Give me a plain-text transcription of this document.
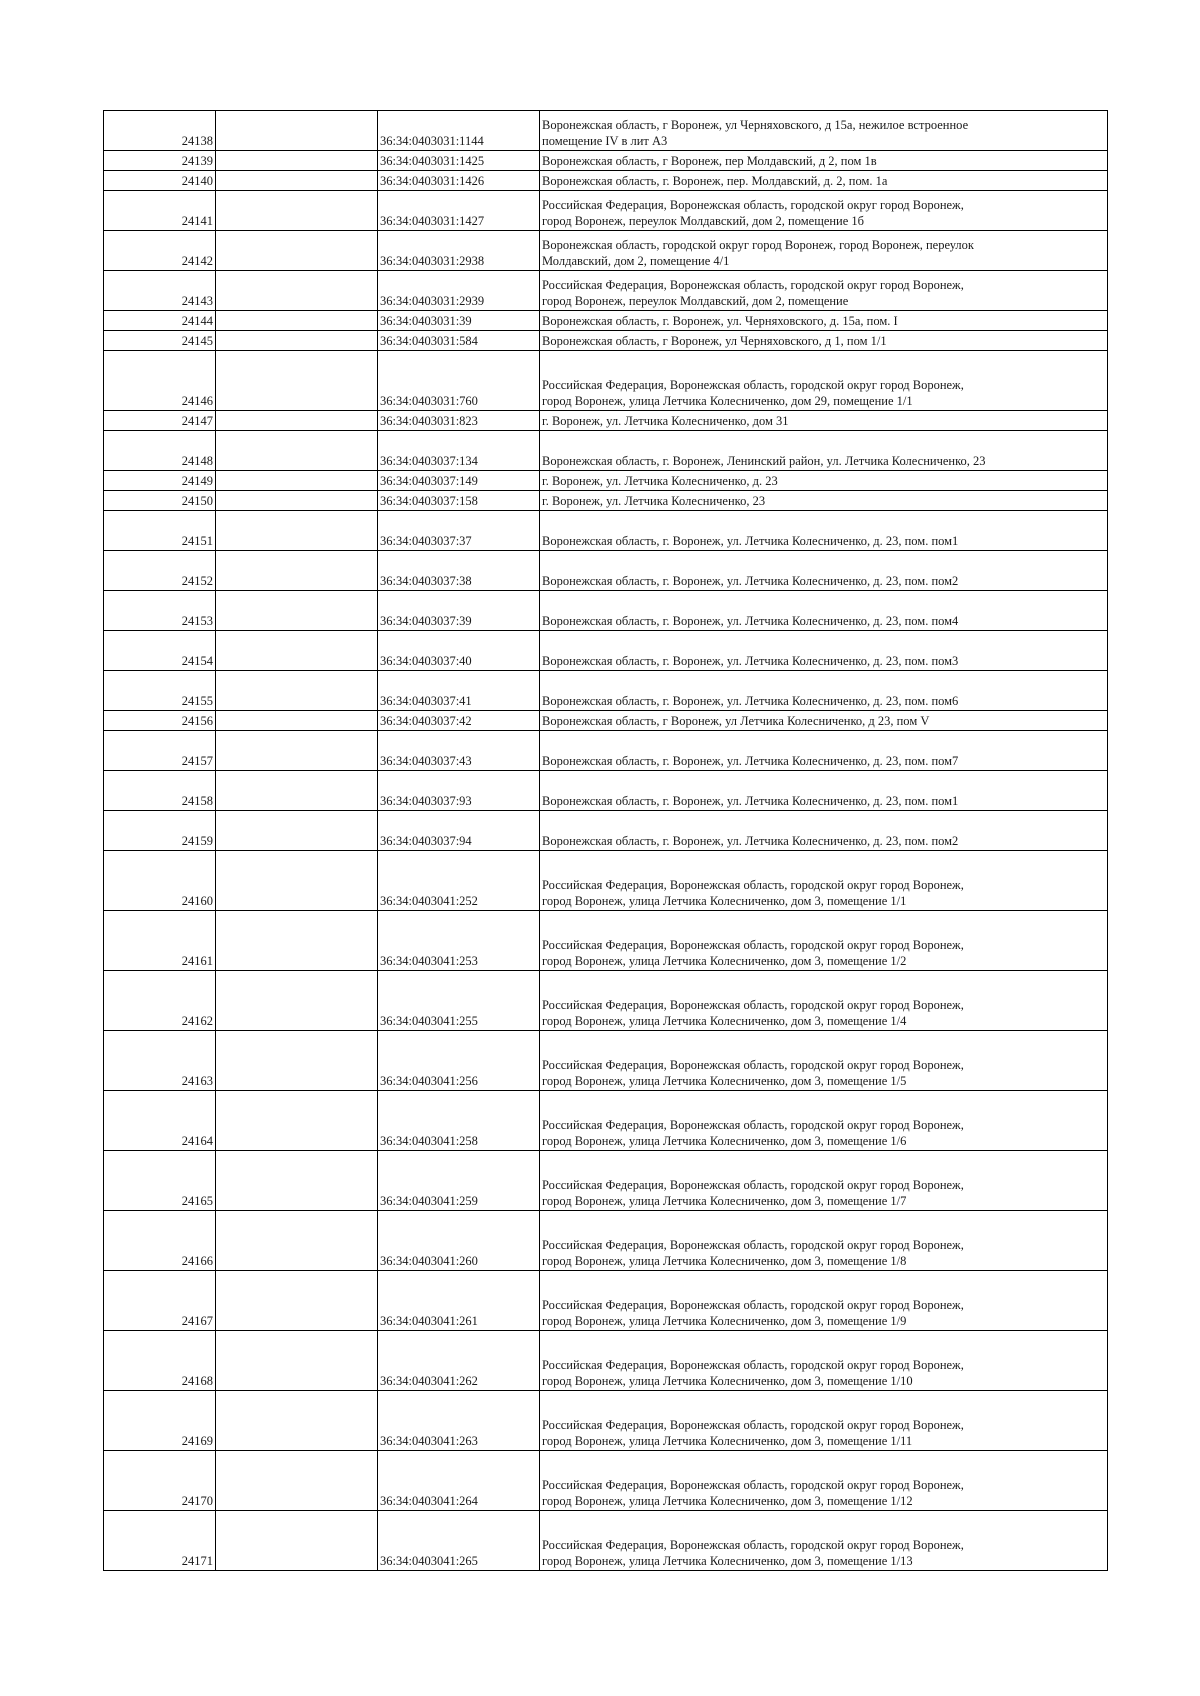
24138		36:34:0403031:1144	Воронежская область, г Воронеж, ул Черняховского, д 15а, нежилое встроенное
помещение IV в лит А3

24139		36:34:0403031:1425	Воронежская область, г Воронеж, пер Молдавский, д 2, пом 1в

24140		36:34:0403031:1426	Воронежская область, г. Воронеж, пер. Молдавский, д. 2, пом. 1а

24141		36:34:0403031:1427	Российская Федерация, Воронежская область, городской округ город Воронеж,
город Воронеж, переулок Молдавский, дом 2, помещение 1б

24142		36:34:0403031:2938	Воронежская область, городской округ город Воронеж, город Воронеж, переулок
Молдавский, дом 2, помещение 4/1

24143		36:34:0403031:2939	Российская Федерация, Воронежская область, городской округ город Воронеж,
город Воронеж, переулок Молдавский, дом 2, помещение

24144		36:34:0403031:39	Воронежская область, г. Воронеж, ул. Черняховского, д. 15а, пом. I

24145		36:34:0403031:584	Воронежская область, г Воронеж, ул Черняховского, д 1, пом 1/1

24146		36:34:0403031:760	Российская Федерация, Воронежская область, городской округ город Воронеж,
город Воронеж, улица Летчика Колесниченко, дом 29, помещение 1/1

24147		36:34:0403031:823	г. Воронеж, ул. Летчика Колесниченко, дом 31

24148		36:34:0403037:134	Воронежская область, г. Воронеж, Ленинский район, ул. Летчика Колесниченко, 23

24149		36:34:0403037:149	г. Воронеж, ул. Летчика Колесниченко, д. 23

24150		36:34:0403037:158	г. Воронеж, ул. Летчика Колесниченко, 23

24151		36:34:0403037:37	Воронежская область, г. Воронеж, ул. Летчика Колесниченко, д. 23, пом. пом1

24152		36:34:0403037:38	Воронежская область, г. Воронеж, ул. Летчика Колесниченко, д. 23, пом. пом2

24153		36:34:0403037:39	Воронежская область, г. Воронеж, ул. Летчика Колесниченко, д. 23, пом. пом4

24154		36:34:0403037:40	Воронежская область, г. Воронеж, ул. Летчика Колесниченко, д. 23, пом. пом3

24155		36:34:0403037:41	Воронежская область, г. Воронеж, ул. Летчика Колесниченко, д. 23, пом. пом6

24156		36:34:0403037:42	Воронежская область, г Воронеж, ул Летчика Колесниченко, д 23, пом V

24157		36:34:0403037:43	Воронежская область, г. Воронеж, ул. Летчика Колесниченко, д. 23, пом. пом7

24158		36:34:0403037:93	Воронежская область, г. Воронеж, ул. Летчика Колесниченко, д. 23, пом. пом1

24159		36:34:0403037:94	Воронежская область, г. Воронеж, ул. Летчика Колесниченко, д. 23, пом. пом2

24160		36:34:0403041:252	Российская Федерация, Воронежская область, городской округ город Воронеж,
город Воронеж, улица Летчика Колесниченко, дом 3, помещение 1/1

24161		36:34:0403041:253	Российская Федерация, Воронежская область, городской округ город Воронеж,
город Воронеж, улица Летчика Колесниченко, дом 3, помещение 1/2

24162		36:34:0403041:255	Российская Федерация, Воронежская область, городской округ город Воронеж,
город Воронеж, улица Летчика Колесниченко, дом 3, помещение 1/4

24163		36:34:0403041:256	Российская Федерация, Воронежская область, городской округ город Воронеж,
город Воронеж, улица Летчика Колесниченко, дом 3, помещение 1/5

24164		36:34:0403041:258	Российская Федерация, Воронежская область, городской округ город Воронеж,
город Воронеж, улица Летчика Колесниченко, дом 3, помещение 1/6

24165		36:34:0403041:259	Российская Федерация, Воронежская область, городской округ город Воронеж,
город Воронеж, улица Летчика Колесниченко, дом 3, помещение 1/7

24166		36:34:0403041:260	Российская Федерация, Воронежская область, городской округ город Воронеж,
город Воронеж, улица Летчика Колесниченко, дом 3, помещение 1/8

24167		36:34:0403041:261	Российская Федерация, Воронежская область, городской округ город Воронеж,
город Воронеж, улица Летчика Колесниченко, дом 3, помещение 1/9

24168		36:34:0403041:262	Российская Федерация, Воронежская область, городской округ город Воронеж,
город Воронеж, улица Летчика Колесниченко, дом 3, помещение 1/10

24169		36:34:0403041:263	Российская Федерация, Воронежская область, городской округ город Воронеж,
город Воронеж, улица Летчика Колесниченко, дом 3, помещение 1/11

24170		36:34:0403041:264	Российская Федерация, Воронежская область, городской округ город Воронеж,
город Воронеж, улица Летчика Колесниченко, дом 3, помещение 1/12

24171		36:34:0403041:265	Российская Федерация, Воронежская область, городской округ город Воронеж,
город Воронеж, улица Летчика Колесниченко, дом 3, помещение 1/13
